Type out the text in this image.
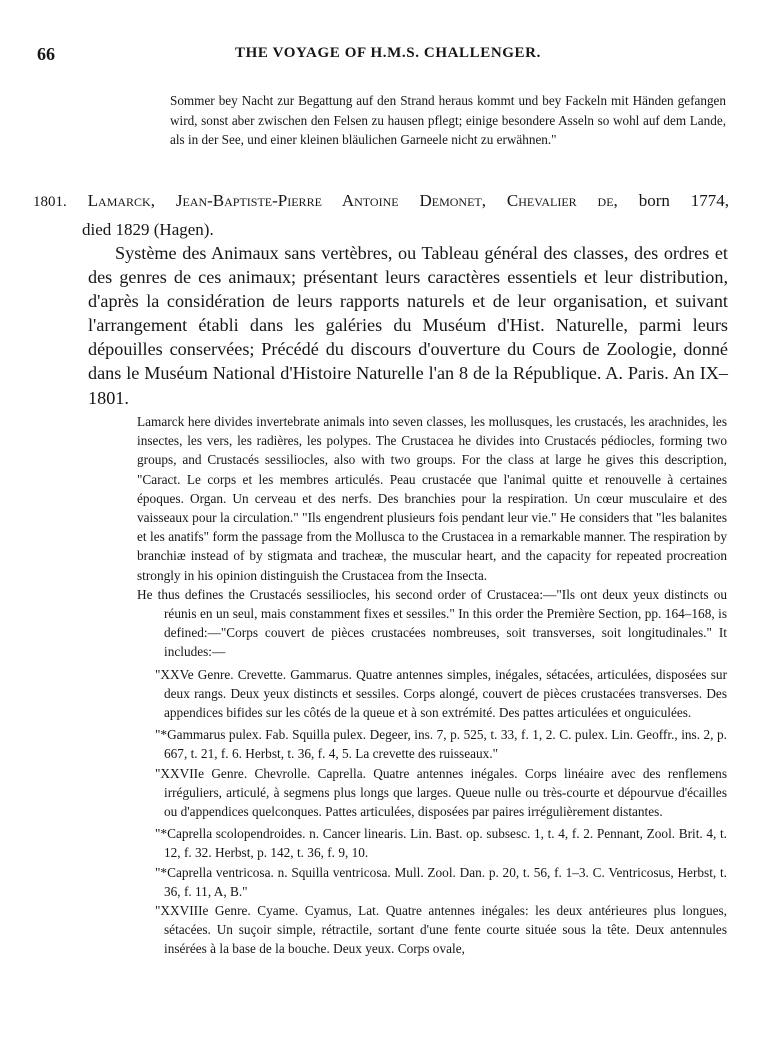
66	THE VOYAGE OF H.M.S. CHALLENGER.
Sommer bey Nacht zur Begattung auf den Strand heraus kommt und bey Fackeln mit Händen gefangen wird, sonst aber zwischen den Felsen zu hausen pflegt; einige besondere Asseln so wohl auf dem Lande, als in der See, und einer kleinen bläulichen Garneele nicht zu erwähnen."
1801. Lamarck, Jean-Baptiste-Pierre Antoine Demonet, Chevalier de, born 1774,
died 1829 (Hagen).

Système des Animaux sans vertèbres, ou Tableau général des classes, des ordres et des genres de ces animaux; présentant leurs caractères essentiels et leur distribution, d'après la considération de leurs rapports naturels et de leur organisation, et suivant l'arrangement établi dans les galéries du Muséum d'Hist. Naturelle, parmi leurs dépouilles conservées; Précédé du discours d'ouverture du Cours de Zoologie, donné dans le Muséum National d'Histoire Naturelle l'an 8 de la République. A. Paris. An IX–1801.

Lamarck here divides invertebrate animals into seven classes, les mollusques, les crustacés, les arachnides, les insectes, les vers, les radières, les polypes. The Crustacea he divides into Crustacés pédiocles, forming two groups, and Crustacés sessiliocles, also with two groups. For the class at large he gives this description, "Caract. Le corps et les membres articulés. Peau crustacée que l'animal quitte et renouvelle à certaines époques. Organ. Un cerveau et des nerfs. Des branchies pour la respiration. Un cœur musculaire et des vaisseaux pour la circulation." "Ils engendrent plusieurs fois pendant leur vie." He considers that "les balanites et les anatifs" form the passage from the Mollusca to the Crustacea in a remarkable manner. The respiration by branchiæ instead of by stigmata and tracheæ, the muscular heart, and the capacity for repeated procreation strongly in his opinion distinguish the Crustacea from the Insecta.
He thus defines the Crustacés sessiliocles, his second order of Crustacea:—"Ils ont deux yeux distincts ou réunis en un seul, mais constamment fixes et sessiles." In this order the Première Section, pp. 164–168, is defined:—"Corps couvert de pièces crustacées nombreuses, soit transverses, soit longitudinales." It includes:—
"XXVe Genre. Crevette. Gammarus. Quatre antennes simples, inégales, sétacées, articulées, disposées sur deux rangs. Deux yeux distincts et sessiles. Corps alongé, couvert de pièces crustacées transverses. Des appendices bifides sur les côtés de la queue et à son extrémité. Des pattes articulées et onguiculées.
"*Gammarus pulex. Fab. Squilla pulex. Degeer, ins. 7, p. 525, t. 33, f. 1, 2. C. pulex. Lin. Geoffr., ins. 2, p. 667, t. 21, f. 6. Herbst, t. 36, f. 4, 5. La crevette des ruisseaux."
"XXVIIe Genre. Chevrolle. Caprella. Quatre antennes inégales. Corps linéaire avec des renflemens irréguliers, articulé, à segmens plus longs que larges. Queue nulle ou très-courte et dépourvue d'écailles ou d'appendices quelconques. Pattes articulées, disposées par paires irrégulièrement distantes.
"*Caprella scolopendroides. n. Cancer linearis. Lin. Bast. op. subsesc. 1, t. 4, f. 2. Pennant, Zool. Brit. 4, t. 12, f. 32. Herbst, p. 142, t. 36, f. 9, 10.
"*Caprella ventricosa. n. Squilla ventricosa. Mull. Zool. Dan. p. 20, t. 56, f. 1–3. C. Ventricosus, Herbst, t. 36, f. 11, A, B."
"XXVIIIe Genre. Cyame. Cyamus, Lat. Quatre antennes inégales: les deux antérieures plus longues, sétacées. Un suçoir simple, rétractile, sortant d'une fente courte située sous la tête. Deux antennules insérées à la base de la bouche. Deux yeux. Corps ovale,
